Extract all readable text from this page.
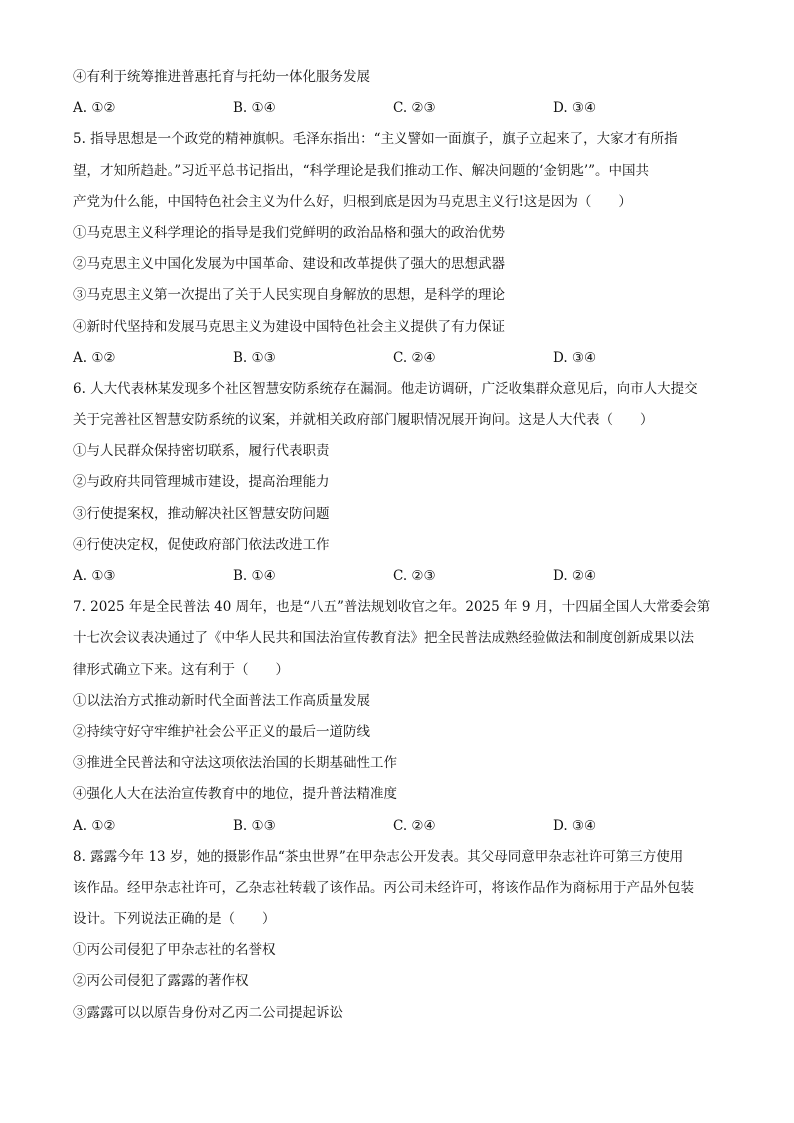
④有利于统筹推进普惠托育与托幼一体化服务发展
A. ①②	B. ①④	C. ②③	D. ③④
5. 指导思想是一个政党的精神旗帜。毛泽东指出：“主义譬如一面旗子，旗子立起来了，大家才有所指
望，才知所趋赴。”习近平总书记指出，“科学理论是我们推动工作、解决问题的‘金钥匙’”。中国共
产党为什么能，中国特色社会主义为什么好，归根到底是因为马克思主义行!这是因为（　　）
①马克思主义科学理论的指导是我们党鲜明的政治品格和强大的政治优势
②马克思主义中国化发展为中国革命、建设和改革提供了强大的思想武器
③马克思主义第一次提出了关于人民实现自身解放的思想，是科学的理论
④新时代坚持和发展马克思主义为建设中国特色社会主义提供了有力保证
A. ①②	B. ①③	C. ②④	D. ③④
6. 人大代表林某发现多个社区智慧安防系统存在漏洞。他走访调研，广泛收集群众意见后，向市人大提交
关于完善社区智慧安防系统的议案，并就相关政府部门履职情况展开询问。这是人大代表（　　）
①与人民群众保持密切联系，履行代表职责
②与政府共同管理城市建设，提高治理能力
③行使提案权，推动解决社区智慧安防问题
④行使决定权，促使政府部门依法改进工作
A. ①③	B. ①④	C. ②③	D. ②④
7. 2025 年是全民普法 40 周年，也是“八五”普法规划收官之年。2025 年 9 月，十四届全国人大常委会第
十七次会议表决通过了《中华人民共和国法治宣传教育法》把全民普法成熟经验做法和制度创新成果以法
律形式确立下来。这有利于（　　）
①以法治方式推动新时代全面普法工作高质量发展
②持续守好守牢维护社会公平正义的最后一道防线
③推进全民普法和守法这项依法治国的长期基础性工作
④强化人大在法治宣传教育中的地位，提升普法精准度
A. ①②	B. ①③	C. ②④	D. ③④
8. 露露今年 13 岁，她的摄影作品“茶虫世界”在甲杂志公开发表。其父母同意甲杂志社许可第三方使用
该作品。经甲杂志社许可，乙杂志社转载了该作品。丙公司未经许可，将该作品作为商标用于产品外包装
设计。下列说法正确的是（　　）
①丙公司侵犯了甲杂志社的名誉权
②丙公司侵犯了露露的著作权
③露露可以以原告身份对乙丙二公司提起诉讼
